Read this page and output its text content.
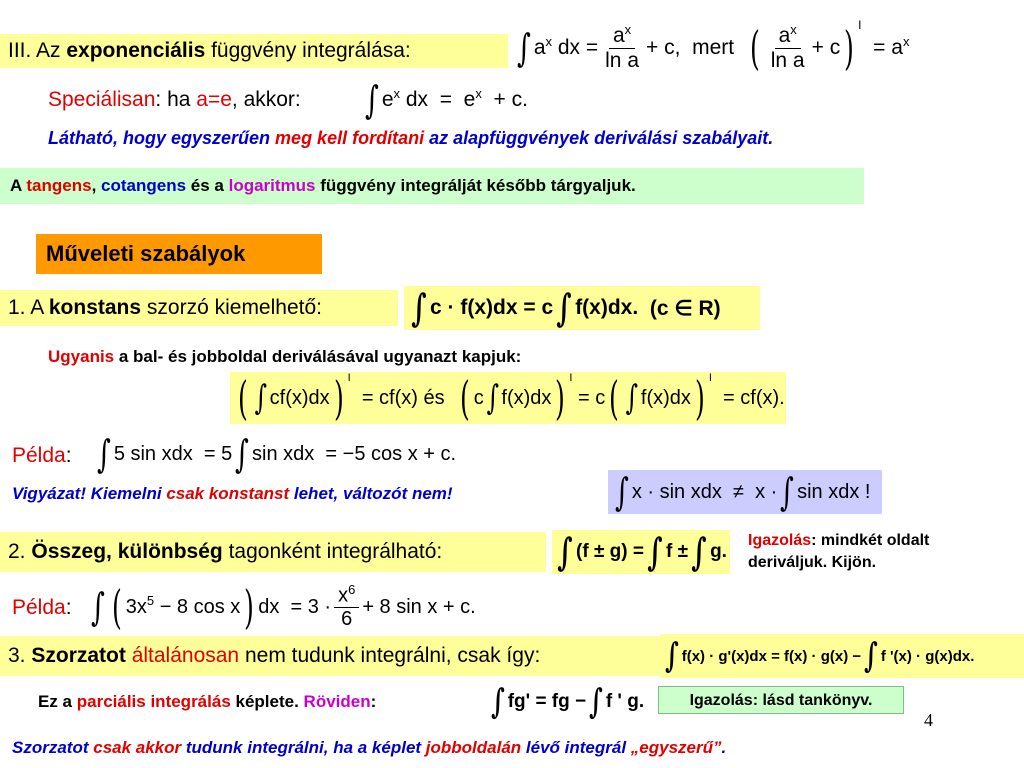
III. Az exponenciális függvény integrálása:	∫ $a^x$
dx
= $\frac{a^x}{\text{ln a}} + c$,
mert
( $\frac{a^x}{\text{ln a}} + c$ ) $^I$

=
$a^x$
Speciálisan: ha a=e, akkor: ∫ $e^x$
dx
=
$e^x$
+ c.
Látható, hogy egyszerűen meg kell fordítani az alapfüggvények deriválási szabályait.
A tangens, cotangens és a logaritmus függvény integrálját később tárgyaljuk.
Műveleti szabályok
1. A konstans szorzó kiemelhető:	∫ c · f(x)dx
=
c ∫ f(x)dx.
(c ∈ R)
Ugyanis a bal- és jobboldal deriválásával ugyanazt kapjuk:
( ∫ cf(x)dx ) $^I$

= cf(x) és
( c ∫ f(x)dx ) $^I$

= c ( ∫ f(x)dx ) $^I$

= cf(x).
Példa: ∫ 5 sin xdx
= 5 ∫ sin xdx
= −5 cos x + c.
Vigyázat! Kiemelni csak konstanst lehet, változót nem!	∫ x · sin xdx
≠
x · ∫ sin xdx !
2. Összeg, különbség tagonként integrálható:	∫ (f ± g)
= ∫ f ± ∫ g.
Igazolás: mindkét oldalt
deriváljuk. Kijön.
Példa: ∫ ( $3x^5$
− 8 cos x ) dx
= $3 \cdot \frac{x^6}{6} + 8$ sin x + c.
3. Szorzatot általánosan nem tudunk integrálni, csak így:	∫ f(x) · g'(x)dx
= f(x) · g(x) − ∫ f '(x) · g(x)dx.
Ez a parciális integrálás képlete. Röviden:	∫ fg'
= fg − ∫ f ' g.	Igazolás: lásd tankönyv.
4
Szorzatot csak akkor tudunk integrálni, ha a képlet jobboldalán lévő integrál „egyszerű”.
